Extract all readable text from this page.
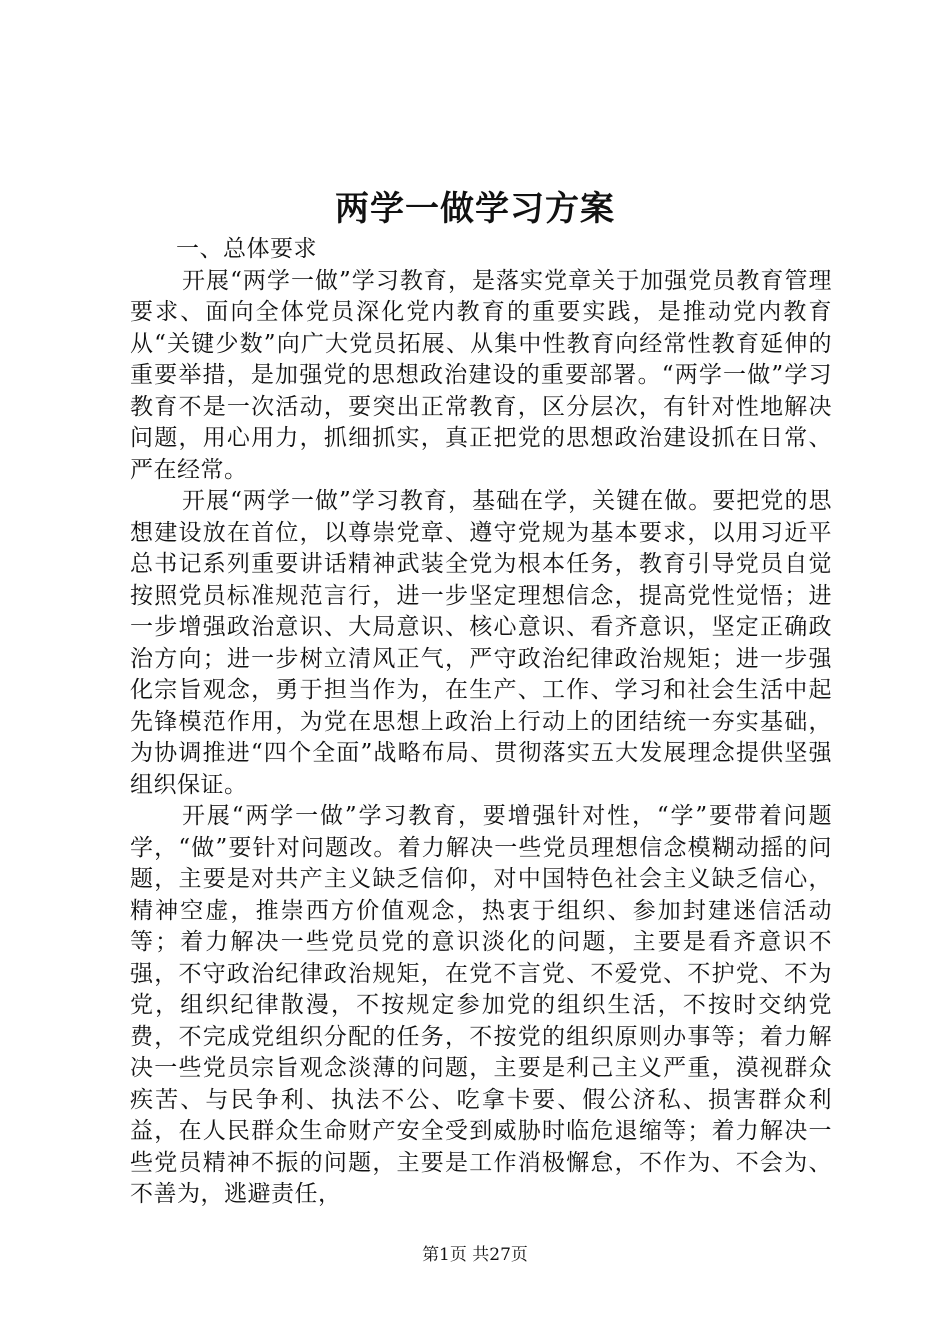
两学一做学习方案

一、总体要求

开展“两学一做”学习教育，是落实党章关于加强党员教育管理要求、面向全体党员深化党内教育的重要实践，是推动党内教育从“关键少数”向广大党员拓展、从集中性教育向经常性教育延伸的重要举措，是加强党的思想政治建设的重要部署。“两学一做”学习教育不是一次活动，要突出正常教育，区分层次，有针对性地解决问题，用心用力，抓细抓实，真正把党的思想政治建设抓在日常、严在经常。

开展“两学一做”学习教育，基础在学，关键在做。要把党的思想建设放在首位，以尊崇党章、遵守党规为基本要求，以用习近平总书记系列重要讲话精神武装全党为根本任务，教育引导党员自觉按照党员标准规范言行，进一步坚定理想信念，提高党性觉悟；进一步增强政治意识、大局意识、核心意识、看齐意识，坚定正确政治方向；进一步树立清风正气，严守政治纪律政治规矩；进一步强化宗旨观念，勇于担当作为，在生产、工作、学习和社会生活中起先锋模范作用，为党在思想上政治上行动上的团结统一夯实基础，为协调推进“四个全面”战略布局、贯彻落实五大发展理念提供坚强组织保证。

开展“两学一做”学习教育，要增强针对性，“学”要带着问题学，“做”要针对问题改。着力解决一些党员理想信念模糊动摇的问题，主要是对共产主义缺乏信仰，对中国特色社会主义缺乏信心，精神空虚，推崇西方价值观念，热衷于组织、参加封建迷信活动等；着力解决一些党员党的意识淡化的问题，主要是看齐意识不强，不守政治纪律政治规矩，在党不言党、不爱党、不护党、不为党，组织纪律散漫，不按规定参加党的组织生活，不按时交纳党费，不完成党组织分配的任务，不按党的组织原则办事等；着力解决一些党员宗旨观念淡薄的问题，主要是利己主义严重，漠视群众疾苦、与民争利、执法不公、吃拿卡要、假公济私、损害群众利益，在人民群众生命财产安全受到威胁时临危退缩等；着力解决一些党员精神不振的问题，主要是工作消极懈怠，不作为、不会为、不善为，逃避责任，

第1页 共27页
